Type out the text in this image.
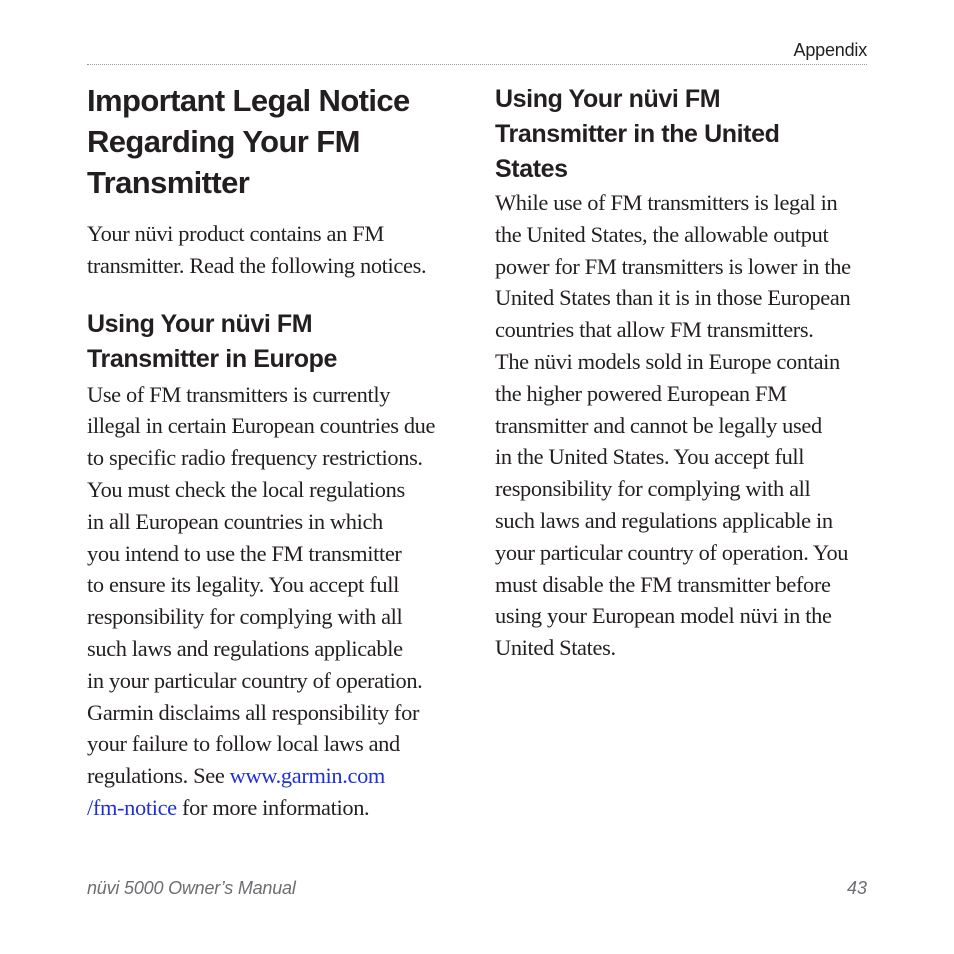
Appendix
Important Legal Notice
Regarding Your FM
Transmitter

Your nüvi product contains an FM
transmitter. Read the following notices.

Using Your nüvi FM
Transmitter in Europe

Use of FM transmitters is currently
illegal in certain European countries due
to specific radio frequency restrictions.
You must check the local regulations
in all European countries in which
you intend to use the FM transmitter
to ensure its legality. You accept full
responsibility for complying with all
such laws and regulations applicable
in your particular country of operation.
Garmin disclaims all responsibility for
your failure to follow local laws and
regulations. See www.garmin.com
/fm-notice for more information.

Using Your nüvi FM
Transmitter in the United
States

While use of FM transmitters is legal in
the United States, the allowable output
power for FM transmitters is lower in the
United States than it is in those European
countries that allow FM transmitters.
The nüvi models sold in Europe contain
the higher powered European FM
transmitter and cannot be legally used
in the United States. You accept full
responsibility for complying with all
such laws and regulations applicable in
your particular country of operation. You
must disable the FM transmitter before
using your European model nüvi in the
United States.

nüvi 5000 Owner’s Manual	43
